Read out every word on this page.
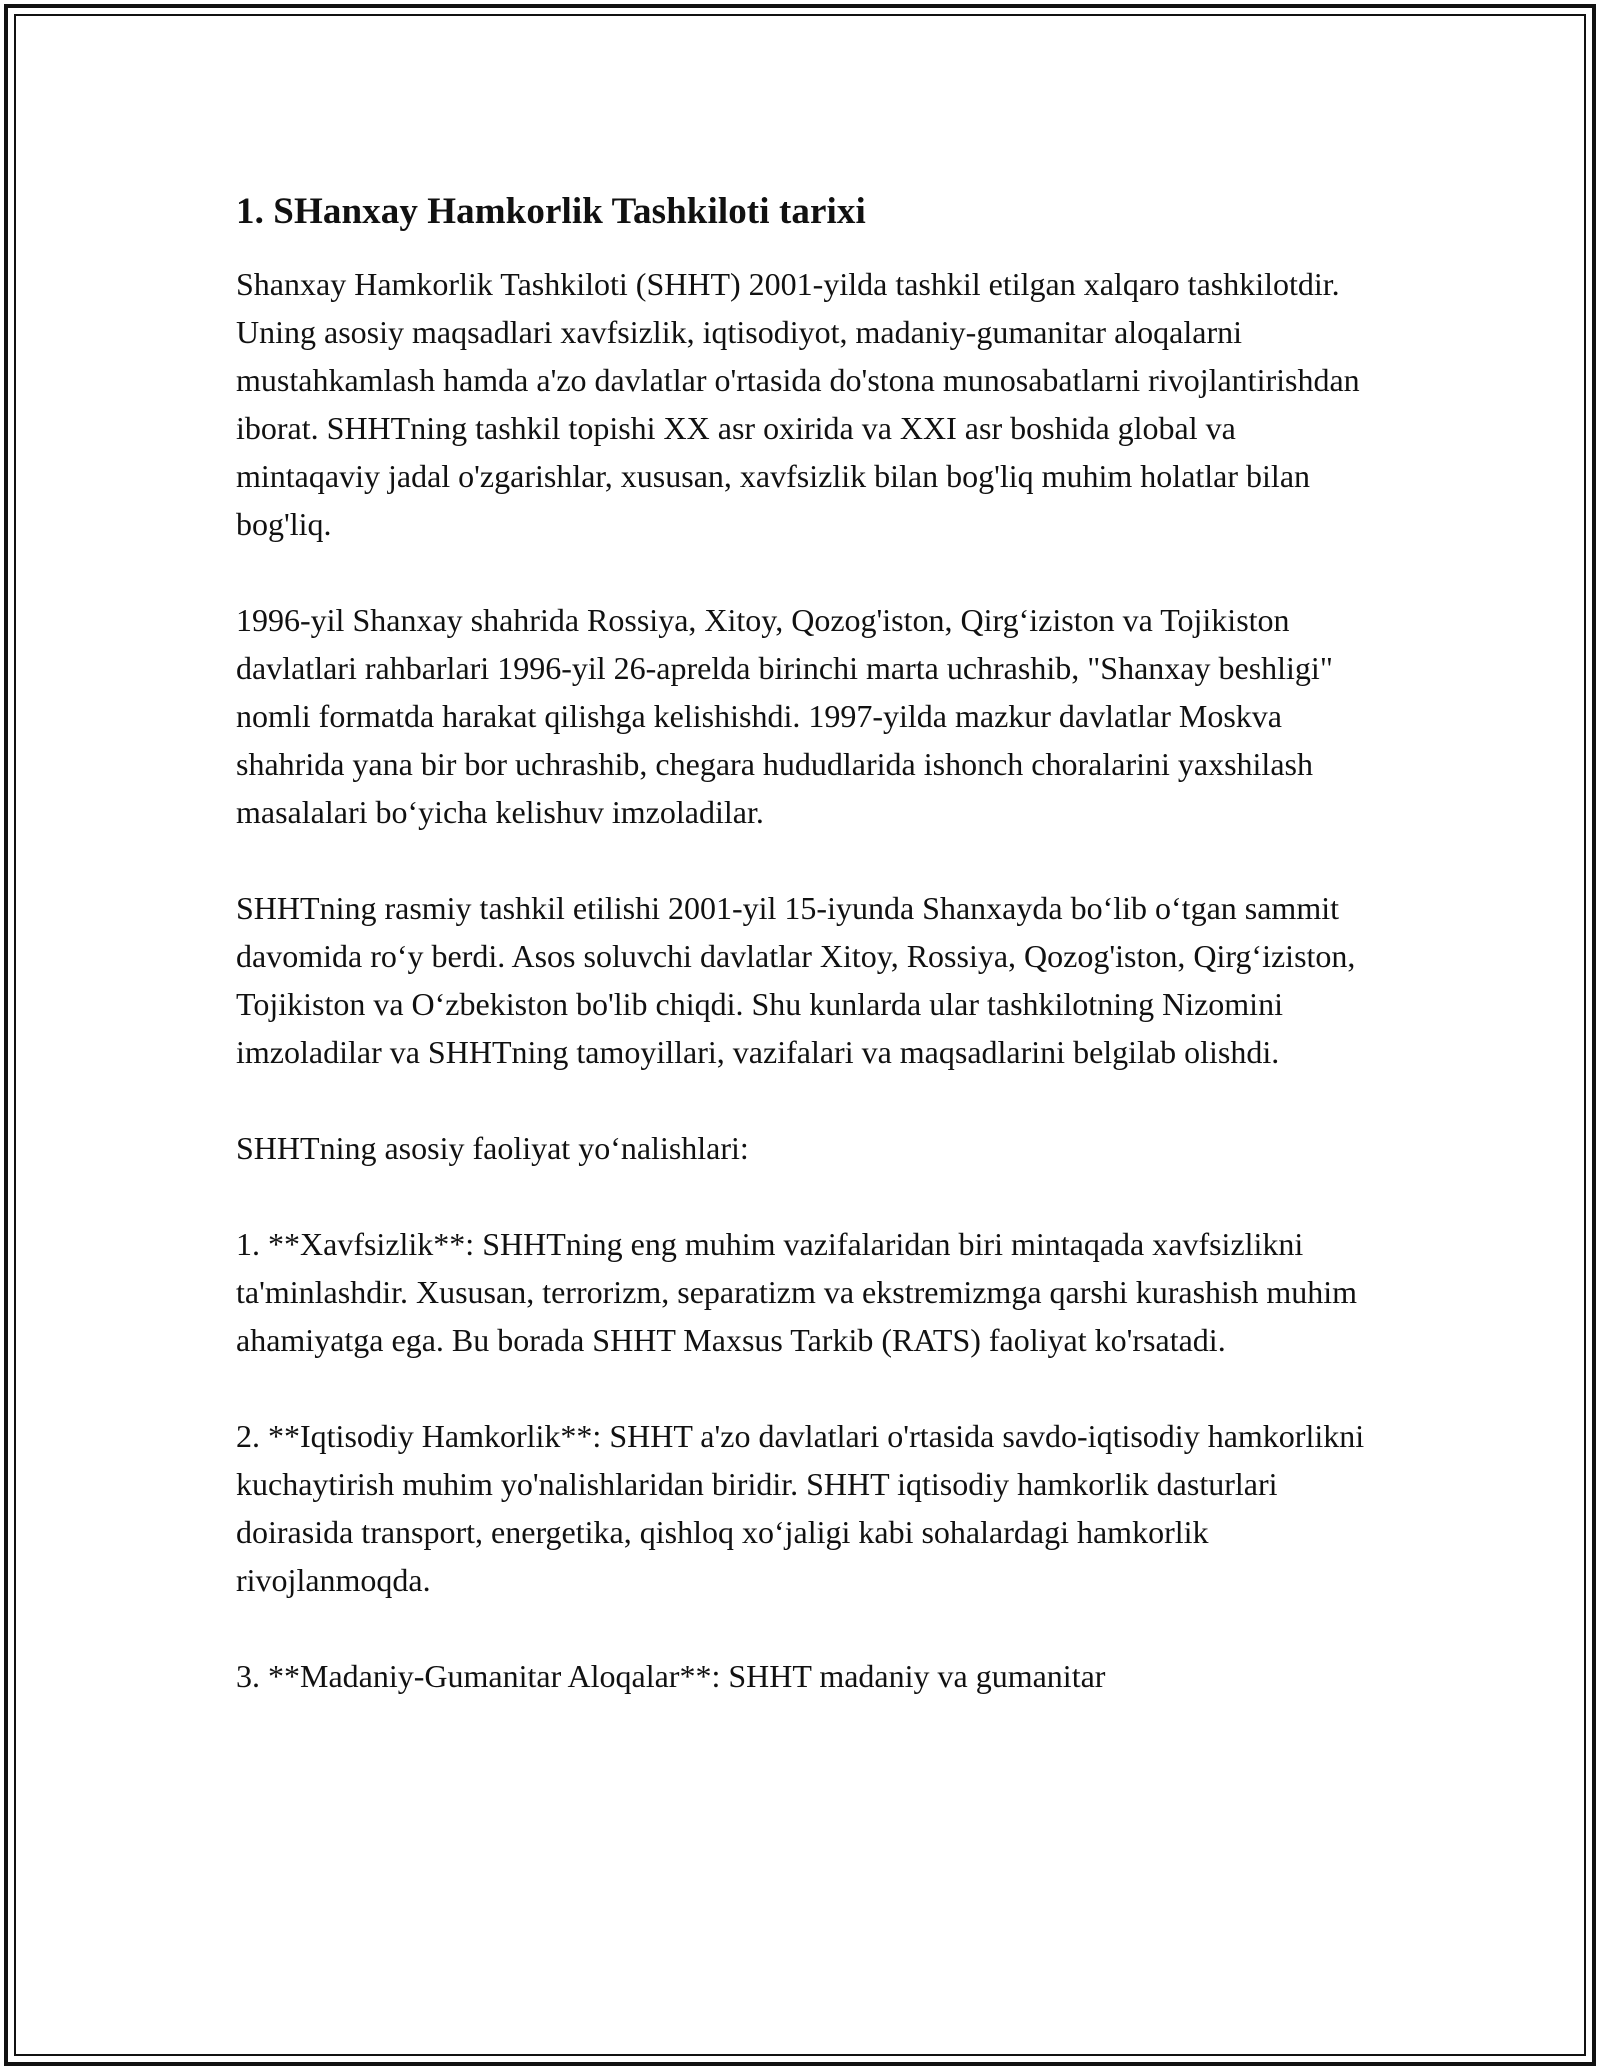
1. SHanxay Hamkorlik Tashkiloti tarixi

Shanxay Hamkorlik Tashkiloti (SHHT) 2001-yilda tashkil etilgan xalqaro tashkilotdir. Uning asosiy maqsadlari xavfsizlik, iqtisodiyot, madaniy-gumanitar aloqalarni mustahkamlash hamda a'zo davlatlar o'rtasida do'stona munosabatlarni rivojlantirishdan iborat. SHHTning tashkil topishi XX asr oxirida va XXI asr boshida global va mintaqaviy jadal o'zgarishlar, xususan, xavfsizlik bilan bog'liq muhim holatlar bilan bog'liq.

1996-yil Shanxay shahrida Rossiya, Xitoy, Qozog'iston, Qirg‘iziston va Tojikiston davlatlari rahbarlari 1996-yil 26-aprelda birinchi marta uchrashib, "Shanxay beshligi" nomli formatda harakat qilishga kelishishdi. 1997-yilda mazkur davlatlar Moskva shahrida yana bir bor uchrashib, chegara hududlarida ishonch choralarini yaxshilash masalalari bo‘yicha kelishuv imzoladilar.

SHHTning rasmiy tashkil etilishi 2001-yil 15-iyunda Shanxayda bo‘lib o‘tgan sammit davomida ro‘y berdi. Asos soluvchi davlatlar Xitoy, Rossiya, Qozog'iston, Qirg‘iziston, Tojikiston va O‘zbekiston bo'lib chiqdi. Shu kunlarda ular tashkilotning Nizomini imzoladilar va SHHTning tamoyillari, vazifalari va maqsadlarini belgilab olishdi.

SHHTning asosiy faoliyat yo‘nalishlari:

1. **Xavfsizlik**: SHHTning eng muhim vazifalaridan biri mintaqada xavfsizlikni ta'minlashdir. Xususan, terrorizm, separatizm va ekstremizmga qarshi kurashish muhim ahamiyatga ega. Bu borada SHHT Maxsus Tarkib (RATS) faoliyat ko'rsatadi.

2. **Iqtisodiy Hamkorlik**: SHHT a'zo davlatlari o'rtasida savdo-iqtisodiy hamkorlikni kuchaytirish muhim yo'nalishlaridan biridir. SHHT iqtisodiy hamkorlik dasturlari doirasida transport, energetika, qishloq xo‘jaligi kabi sohalardagi hamkorlik rivojlanmoqda.

3. **Madaniy-Gumanitar Aloqalar**: SHHT madaniy va gumanitar
